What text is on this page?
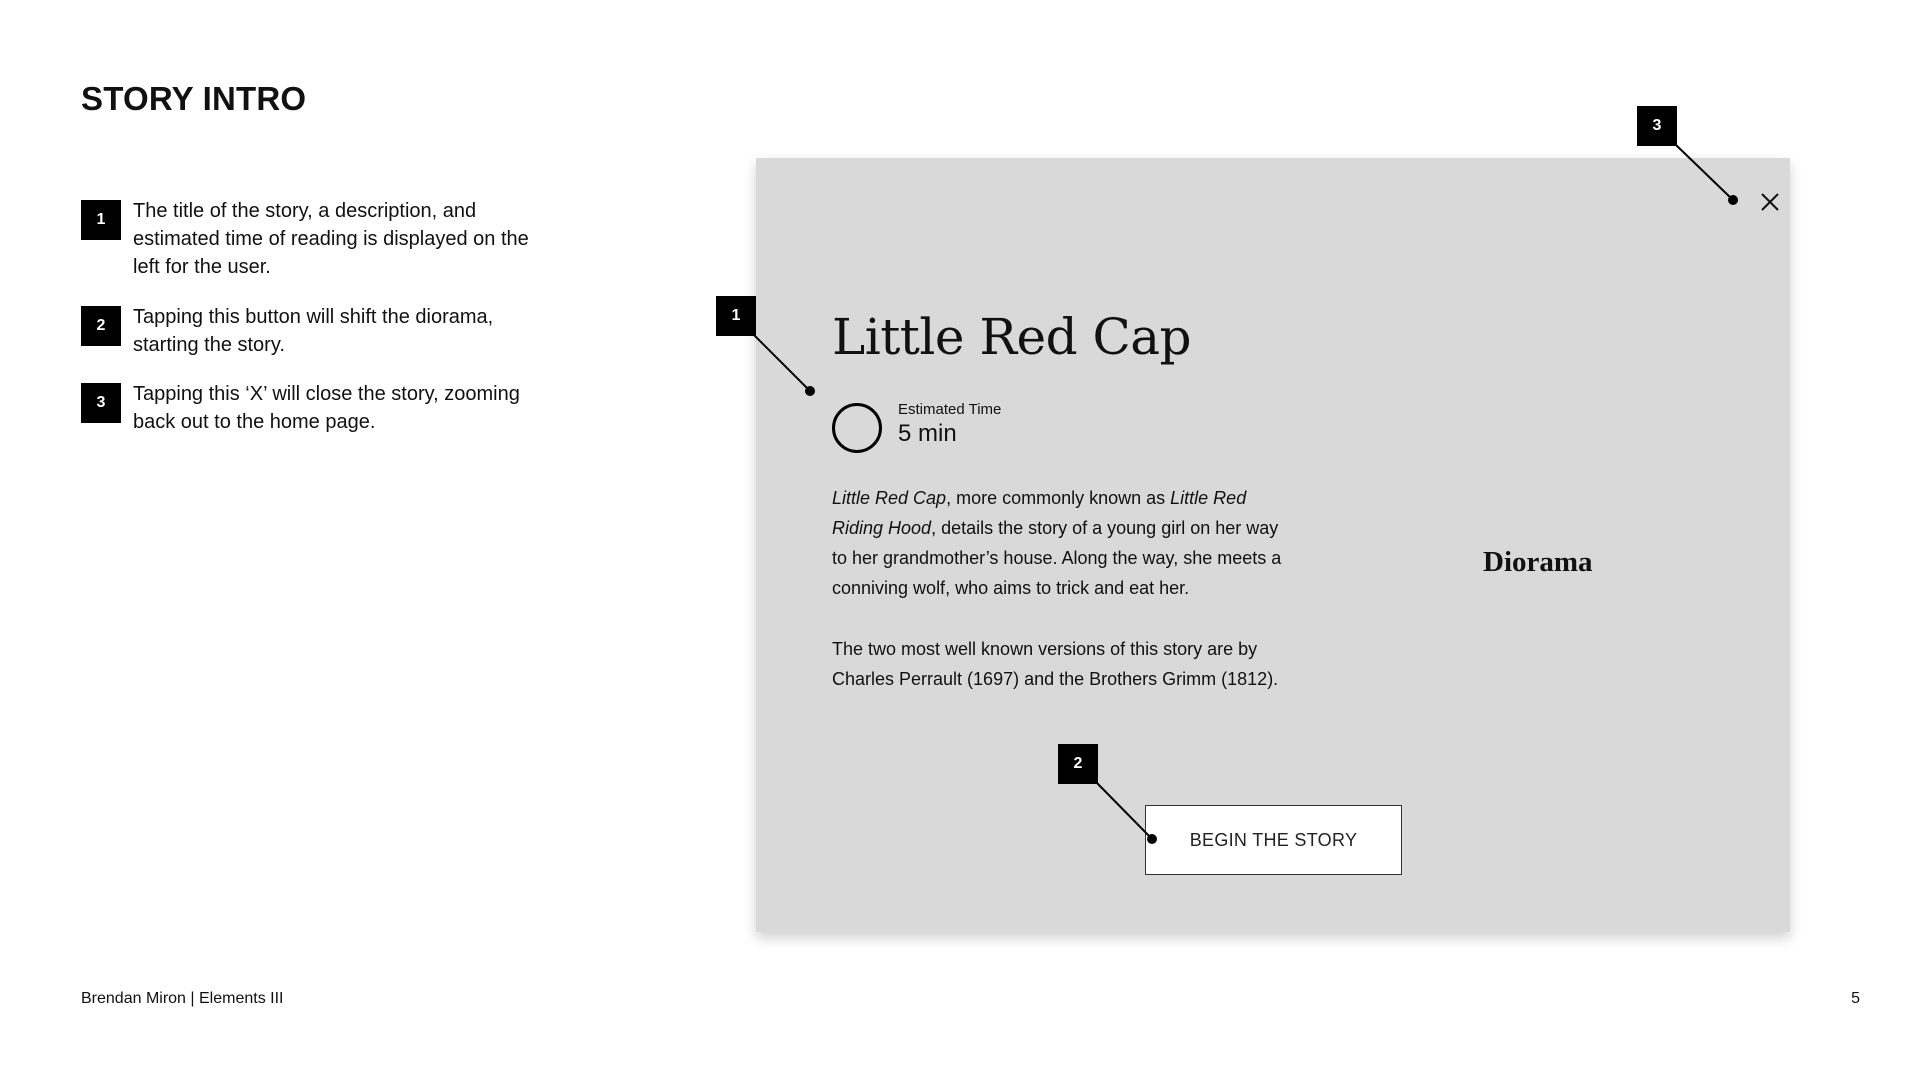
STORY INTRO
1	The title of the story, a description, and estimated time of reading is displayed on the left for the user.
2	Tapping this button will shift the diorama, starting the story.
3	Tapping this ‘X’ will close the story, zooming back out to the home page.
Little Red Cap
Estimated Time
5 min

Little Red Cap, more commonly known as Little Red Riding Hood, details the story of a young girl on her way to her grandmother’s house. Along the way, she meets a conniving wolf, who aims to trick and eat her.

The two most well known versions of this story are by Charles Perrault (1697) and the Brothers Grimm (1812).

Diorama
BEGIN THE STORY
1
2
3
Brendan Miron | Elements III	5
